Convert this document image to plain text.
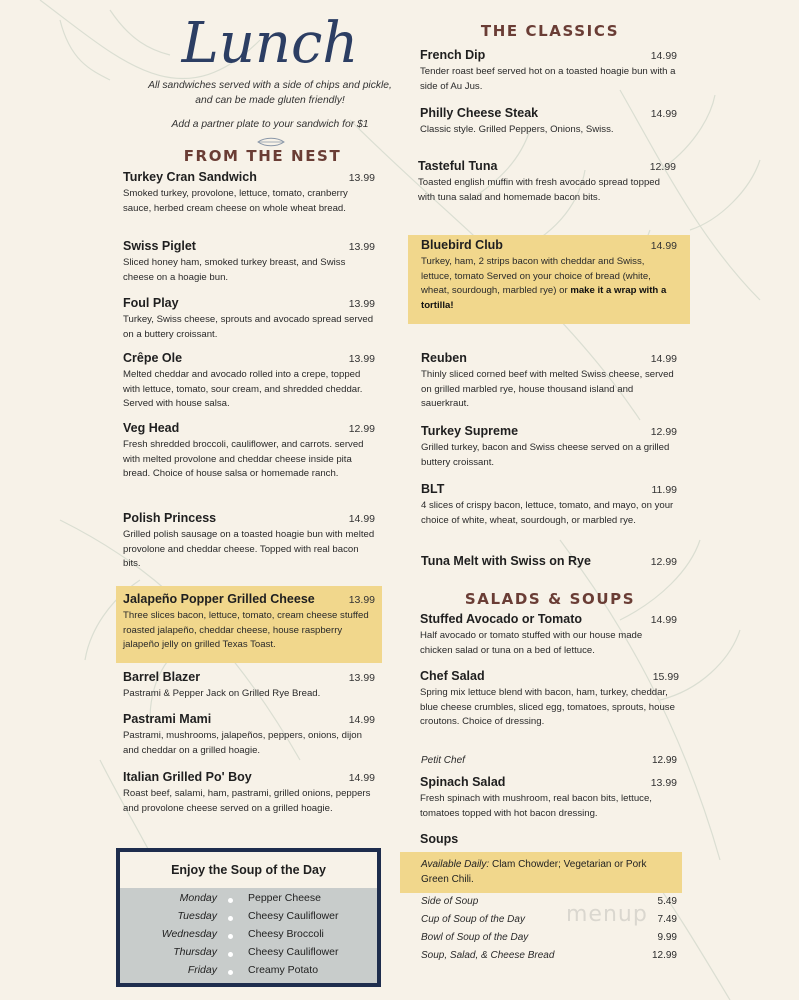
Lunch
All sandwiches served with a side of chips and pickle,
and can be made gluten friendly!
Add a partner plate to your sandwich for $1
FROM THE NEST
Turkey Cran Sandwich	13.99
Smoked turkey, provolone, lettuce, tomato, cranberry sauce, herbed cream cheese on whole wheat bread.
Swiss Piglet	13.99
Sliced honey ham, smoked turkey breast, and Swiss cheese on a hoagie bun.
Foul Play	13.99
Turkey, Swiss cheese, sprouts and avocado spread served on a buttery croissant.
Crêpe Ole	13.99
Melted cheddar and avocado rolled into a crepe, topped with lettuce, tomato, sour cream, and shredded cheddar. Served with house salsa.
Veg Head	12.99
Fresh shredded broccoli, cauliflower, and carrots. served with melted provolone and cheddar cheese inside pita bread. Choice of house salsa or homemade ranch.
Polish Princess	14.99
Grilled polish sausage on a toasted hoagie bun with melted provolone and cheddar cheese. Topped with real bacon bits.
Jalapeño Popper Grilled Cheese	13.99
Three slices bacon, lettuce, tomato, cream cheese stuffed roasted jalapeño, cheddar cheese, house raspberry jalapeño jelly on grilled Texas Toast.
Barrel Blazer	13.99
Pastrami & Pepper Jack on Grilled Rye Bread.
Pastrami Mami	14.99
Pastrami, mushrooms, jalapeños, peppers, onions, dijon and cheddar on a grilled hoagie.
Italian Grilled Po' Boy	14.99
Roast beef, salami, ham, pastrami, grilled onions, peppers and provolone cheese served on a grilled hoagie.
Enjoy the Soup of the Day
Monday	Pepper Cheese
Tuesday	Cheesy Cauliflower
Wednesday	Cheesy Broccoli
Thursday	Cheesy Cauliflower
Friday	Creamy Potato
THE CLASSICS
French Dip	14.99
Tender roast beef served hot on a toasted hoagie bun with a side of Au Jus.
Philly Cheese Steak	14.99
Classic style. Grilled Peppers, Onions, Swiss.
Tasteful Tuna	12.99
Toasted english muffin with fresh avocado spread topped with tuna salad and homemade bacon bits.
Bluebird Club	14.99
Turkey, ham, 2 strips bacon with cheddar and Swiss, lettuce, tomato Served on your choice of bread (white, wheat, sourdough, marbled rye) or make it a wrap with a tortilla!
Reuben	14.99
Thinly sliced corned beef with melted Swiss cheese, served on grilled marbled rye, house thousand island and sauerkraut.
Turkey Supreme	12.99
Grilled turkey, bacon and Swiss cheese served on a grilled buttery croissant.
BLT	11.99
4 slices of crispy bacon, lettuce, tomato, and mayo, on your choice of white, wheat, sourdough, or marbled rye.
Tuna Melt with Swiss on Rye	12.99
SALADS & SOUPS
Stuffed Avocado or Tomato	14.99
Half avocado or tomato stuffed with our house made chicken salad or tuna on a bed of lettuce.
Chef Salad	15.99
Spring mix lettuce blend with bacon, ham, turkey, cheddar, blue cheese crumbles, sliced egg, tomatoes, sprouts, house croutons. Choice of dressing.
Petit Chef	12.99
Spinach Salad	13.99
Fresh spinach with mushroom, real bacon bits, lettuce, tomatoes topped with hot bacon dressing.
Soups
Available Daily: Clam Chowder; Vegetarian or Pork Green Chili.
Side of Soup	5.49
Cup of Soup of the Day	7.49
Bowl of Soup of the Day	9.99
Soup, Salad, & Cheese Bread	12.99
menup
